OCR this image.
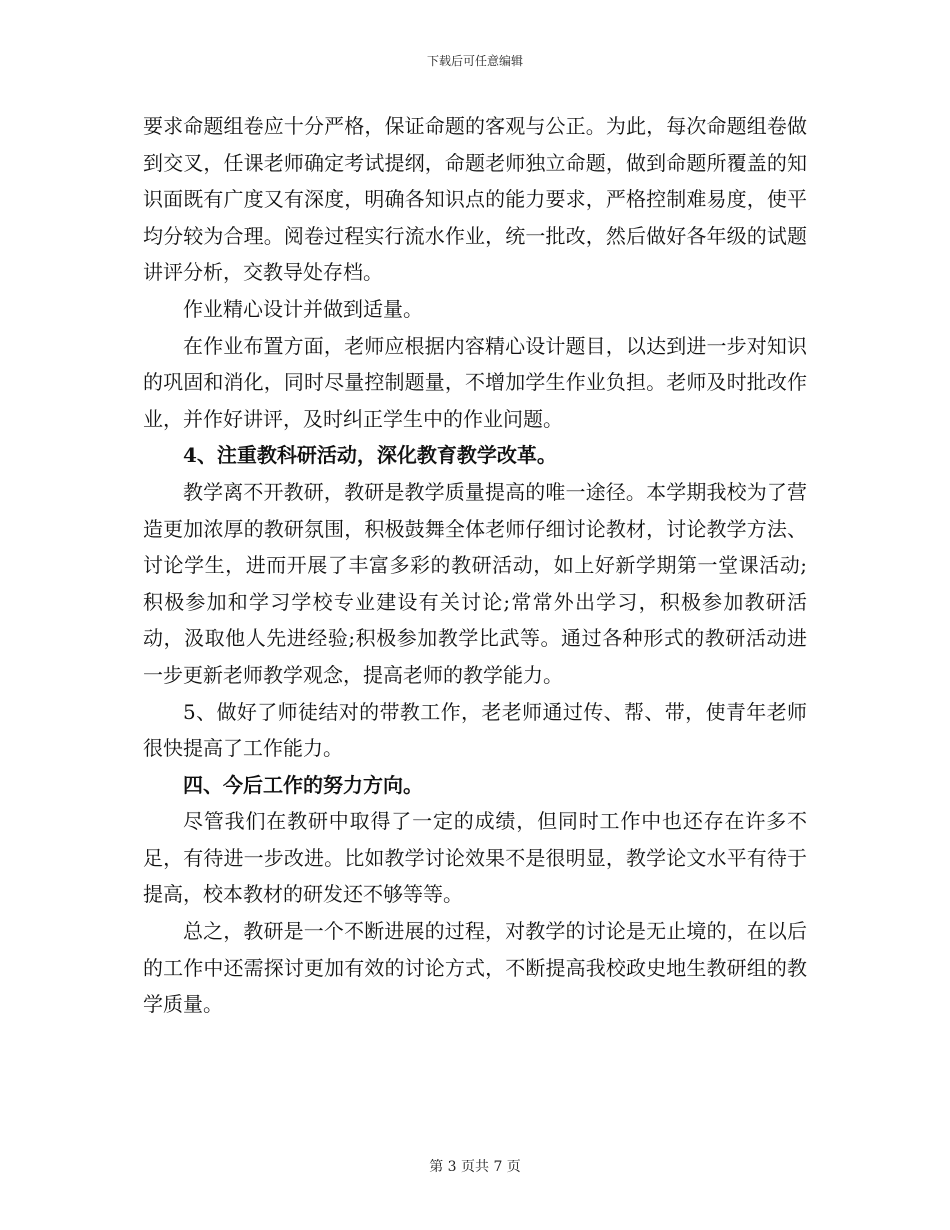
下载后可任意编辑

要求命题组卷应十分严格，保证命题的客观与公正。为此，每次命题组卷做到交叉，任课老师确定考试提纲，命题老师独立命题，做到命题所覆盖的知识面既有广度又有深度，明确各知识点的能力要求，严格控制难易度，使平均分较为合理。阅卷过程实行流水作业，统一批改，然后做好各年级的试题讲评分析，交教导处存档。

作业精心设计并做到适量。

在作业布置方面，老师应根据内容精心设计题目，以达到进一步对知识的巩固和消化，同时尽量控制题量，不增加学生作业负担。老师及时批改作业，并作好讲评，及时纠正学生中的作业问题。

4、注重教科研活动，深化教育教学改革。

教学离不开教研，教研是教学质量提高的唯一途径。本学期我校为了营造更加浓厚的教研氛围，积极鼓舞全体老师仔细讨论教材，讨论教学方法、讨论学生，进而开展了丰富多彩的教研活动，如上好新学期第一堂课活动;积极参加和学习学校专业建设有关讨论;常常外出学习，积极参加教研活动，汲取他人先进经验;积极参加教学比武等。通过各种形式的教研活动进一步更新老师教学观念，提高老师的教学能力。

5、做好了师徒结对的带教工作，老老师通过传、帮、带，使青年老师很快提高了工作能力。

四、今后工作的努力方向。

尽管我们在教研中取得了一定的成绩，但同时工作中也还存在许多不足，有待进一步改进。比如教学讨论效果不是很明显，教学论文水平有待于提高，校本教材的研发还不够等等。

总之，教研是一个不断进展的过程，对教学的讨论是无止境的，在以后的工作中还需探讨更加有效的讨论方式，不断提高我校政史地生教研组的教学质量。

第 3 页共 7 页
